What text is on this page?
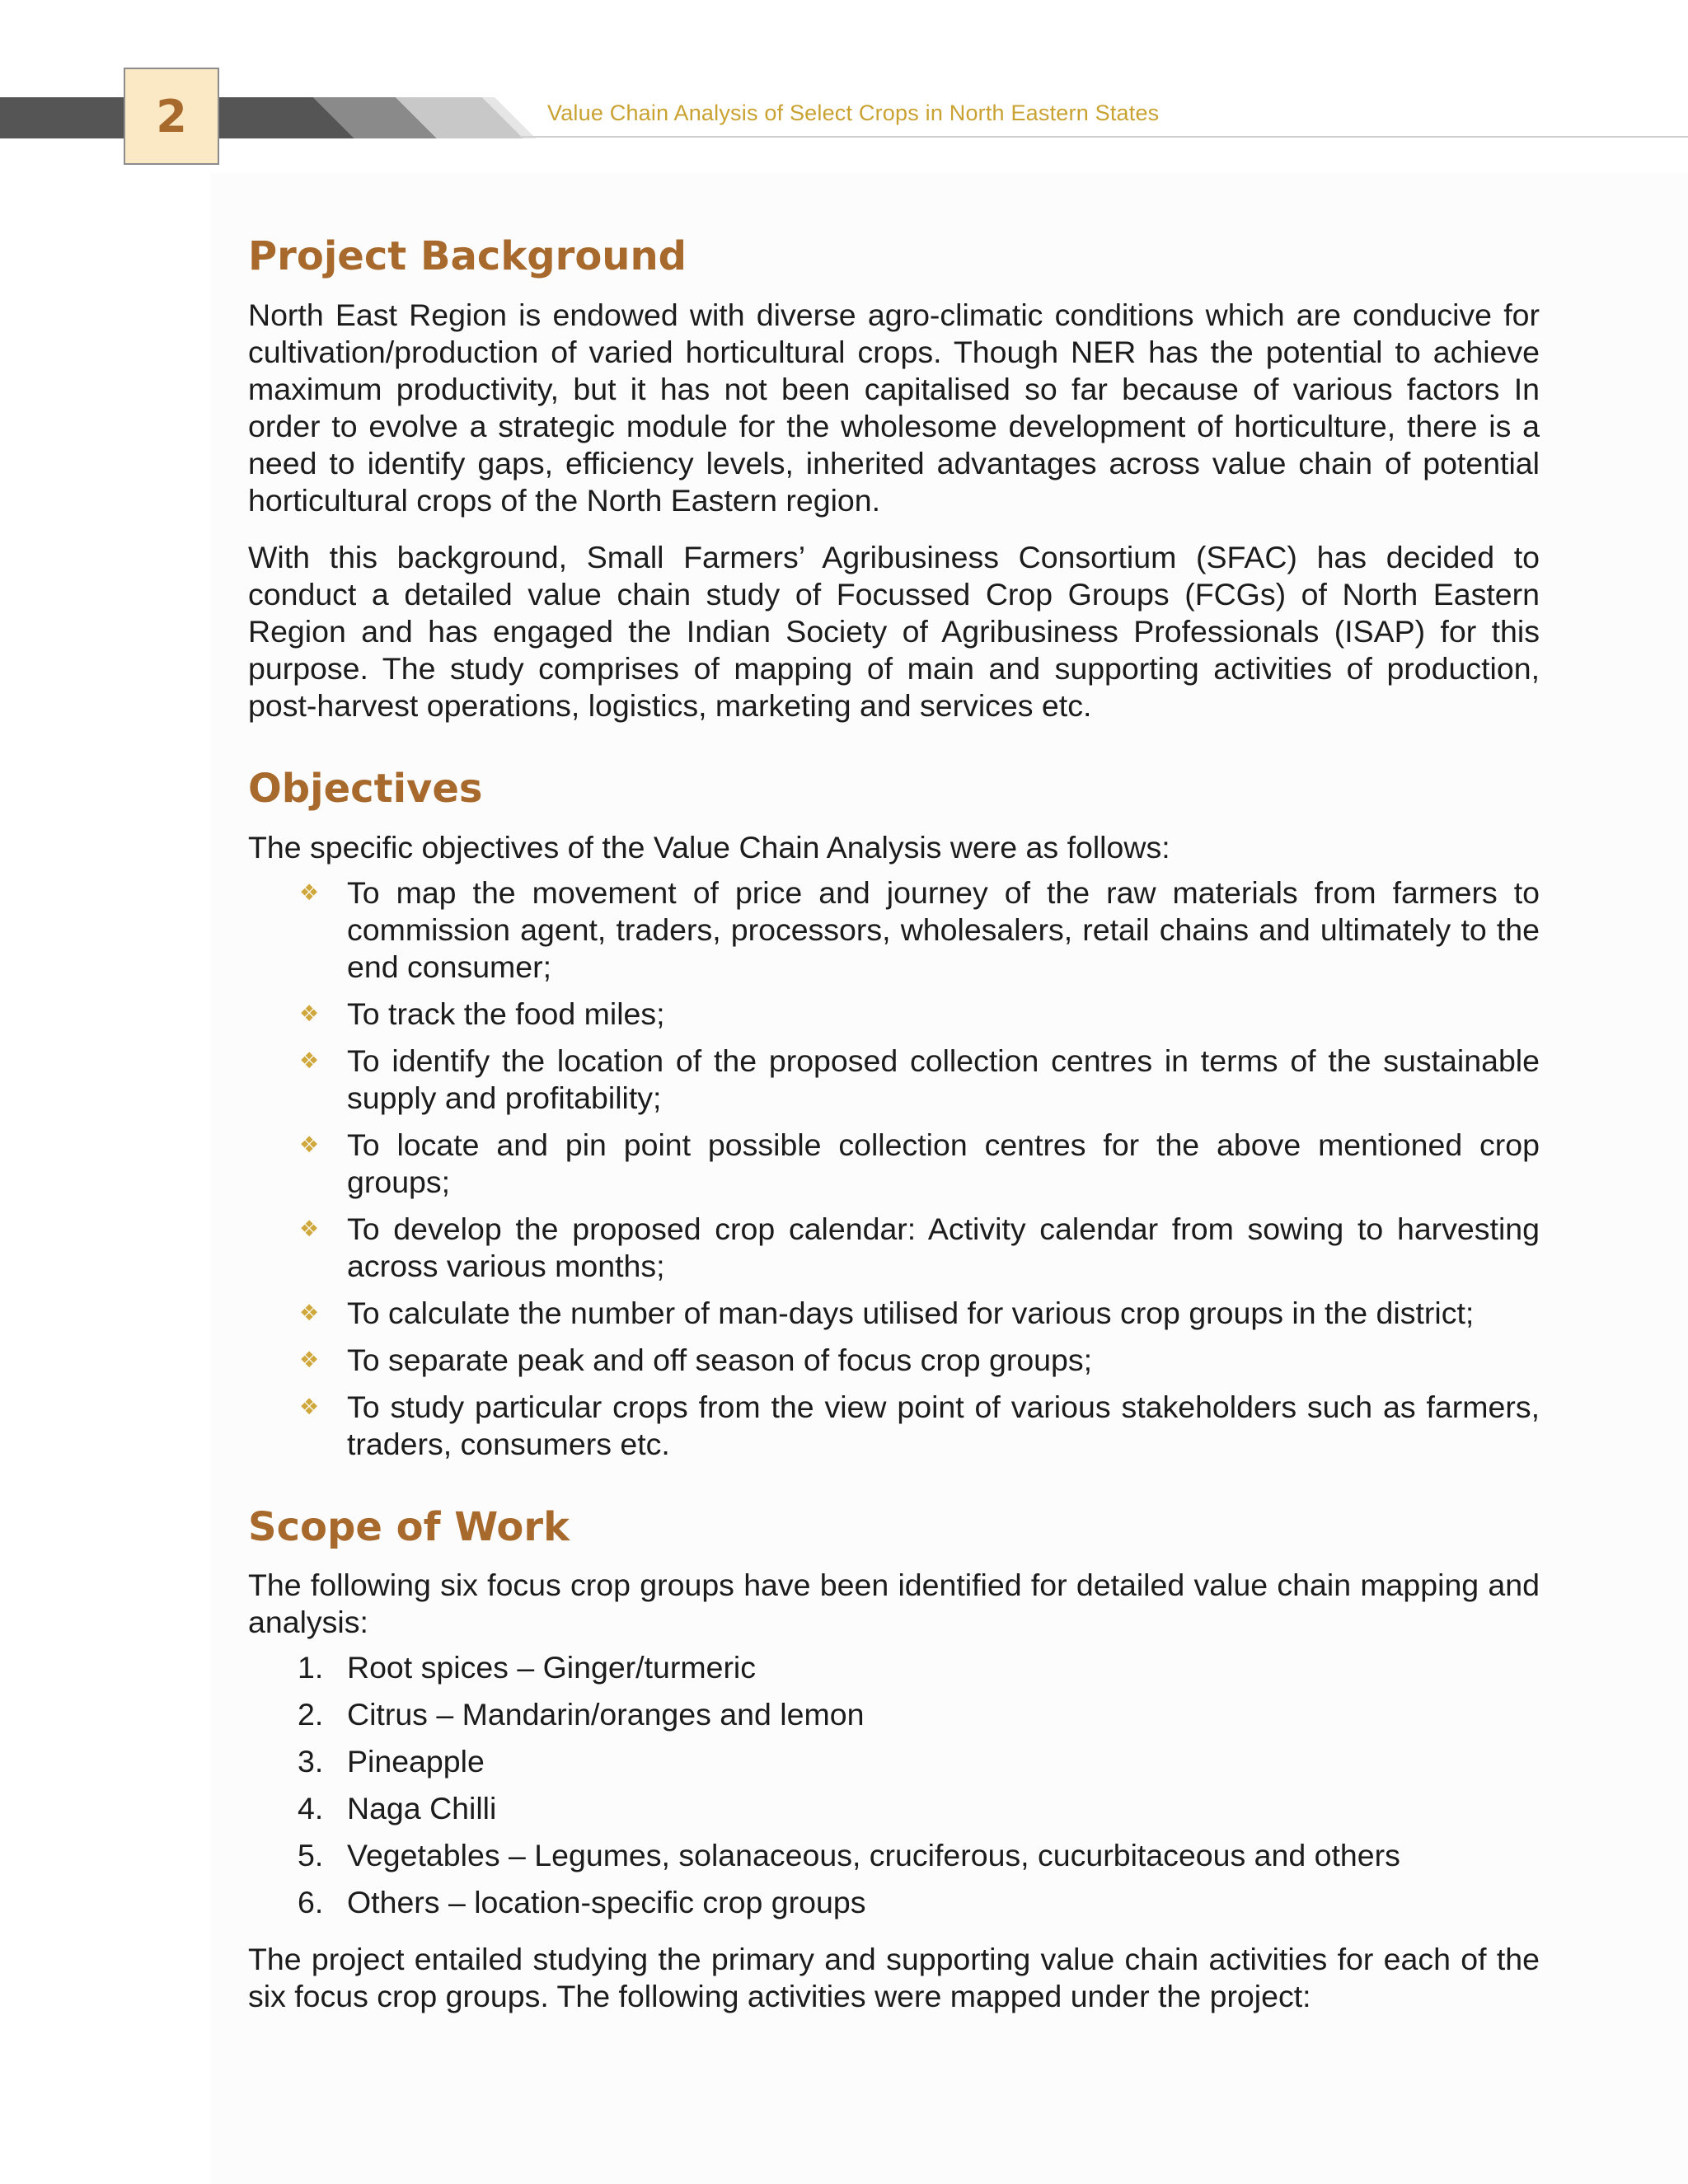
2	Value Chain Analysis of Select Crops in North Eastern States
Project Background

North East Region is endowed with diverse agro-climatic conditions which are conducive for cultivation/production of varied horticultural crops. Though NER has the potential to achieve maximum productivity, but it has not been capitalised so far because of various factors In order to evolve a strategic module for the wholesome development of horticulture, there is a need to identify gaps, efficiency levels, inherited advantages across value chain of potential horticultural crops of the North Eastern region.

With this background, Small Farmers’ Agribusiness Consortium (SFAC) has decided to conduct a detailed value chain study of Focussed Crop Groups (FCGs) of North Eastern Region and has engaged the Indian Society of Agribusiness Professionals (ISAP) for this purpose. The study comprises of mapping of main and supporting activities of production, post-harvest operations, logistics, marketing and services etc.

Objectives

The specific objectives of the Value Chain Analysis were as follows:

❖ To map the movement of price and journey of the raw materials from farmers to commission agent, traders, processors, wholesalers, retail chains and ultimately to the end consumer;
❖ To track the food miles;
❖ To identify the location of the proposed collection centres in terms of the sustainable supply and profitability;
❖ To locate and pin point possible collection centres for the above mentioned crop groups;
❖ To develop the proposed crop calendar: Activity calendar from sowing to harvesting across various months;
❖ To calculate the number of man-days utilised for various crop groups in the district;
❖ To separate peak and off season of focus crop groups;
❖ To study particular crops from the view point of various stakeholders such as farmers, traders, consumers etc.
Scope of Work

The following six focus crop groups have been identified for detailed value chain mapping and analysis:

1. Root spices – Ginger/turmeric
2. Citrus – Mandarin/oranges and lemon
3. Pineapple
4. Naga Chilli
5. Vegetables – Legumes, solanaceous, cruciferous, cucurbitaceous and others
6. Others – location-specific crop groups

The project entailed studying the primary and supporting value chain activities for each of the six focus crop groups. The following activities were mapped under the project:
